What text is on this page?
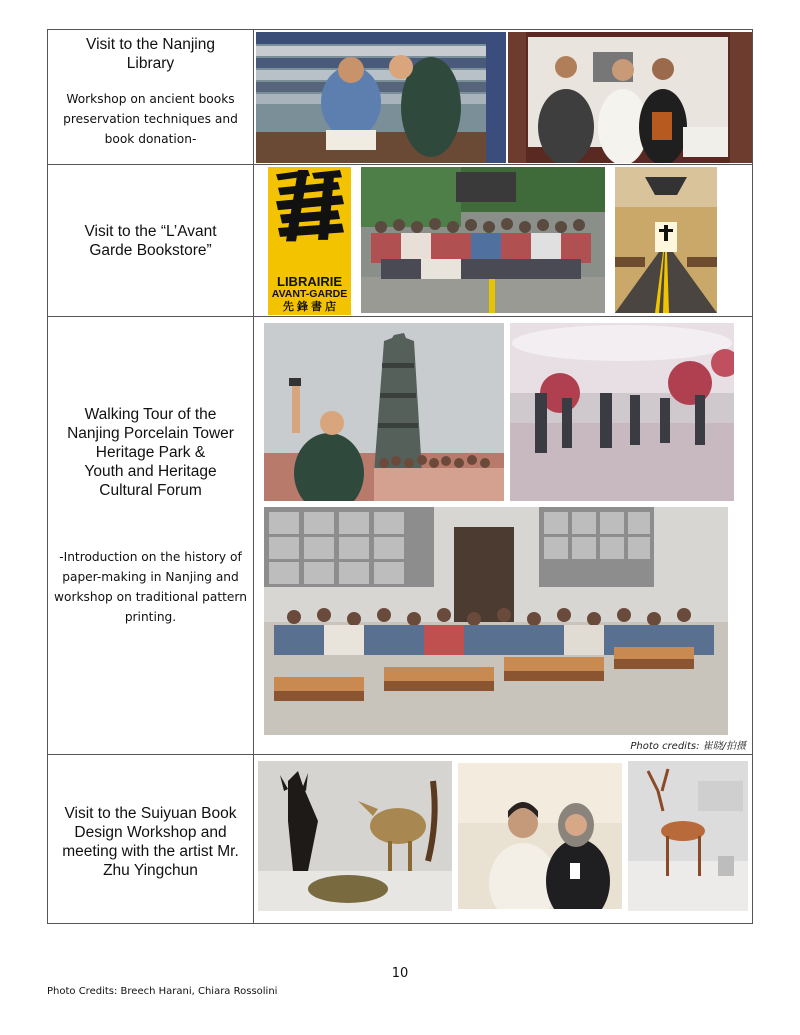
Visit to the Nanjing Library
Workshop on ancient books preservation techniques and book donation-
Visit to the “L’Avant Garde Bookstore”
LIBRAIRIE
AVANT-GARDE
先 鋒 書 店
Walking Tour of the
Nanjing Porcelain Tower
Heritage Park &
Youth and Heritage
Cultural Forum
-Introduction on the history of paper-making in Nanjing and workshop on traditional pattern printing.
Photo credits: 崔晓/拍摄
Visit to the Suiyuan Book Design Workshop and meeting with the artist Mr. Zhu Yingchun
10
Photo Credits: Breech Harani, Chiara Rossolini
